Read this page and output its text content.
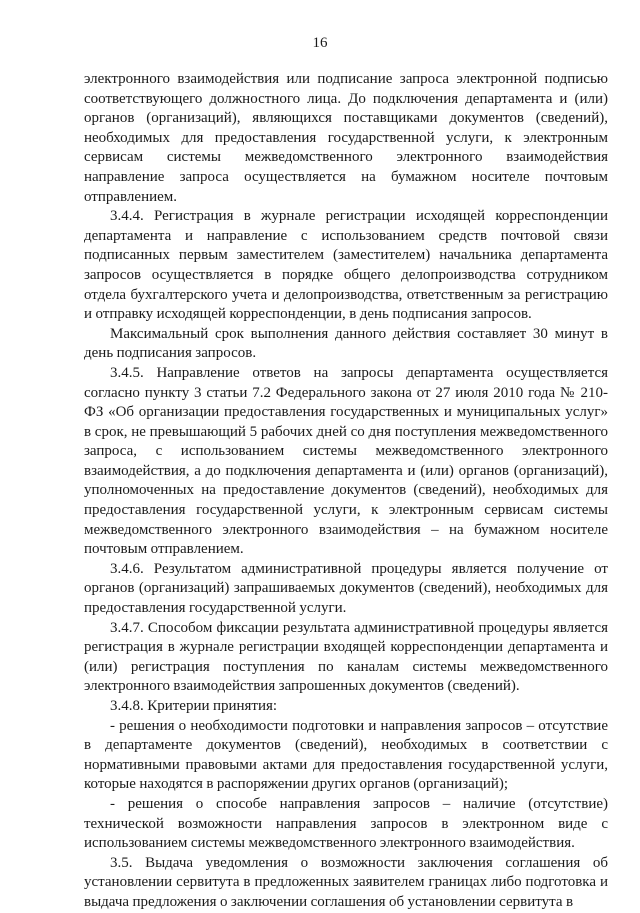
16

электронного взаимодействия или подписание запроса электронной подписью соответствующего должностного лица. До подключения департамента и (или) органов (организаций), являющихся поставщиками документов (сведений), необходимых для предоставления государственной услуги, к электронным сервисам системы межведомственного электронного взаимодействия направление запроса осуществляется на бумажном носителе почтовым отправлением.

3.4.4. Регистрация в журнале регистрации исходящей корреспонденции департамента и направление с использованием средств почтовой связи подписанных первым заместителем (заместителем) начальника департамента запросов осуществляется в порядке общего делопроизводства сотрудником отдела бухгалтерского учета и делопроизводства, ответственным за регистрацию и отправку исходящей корреспонденции, в день подписания запросов.

Максимальный срок выполнения данного действия составляет 30 минут в день подписания запросов.

3.4.5. Направление ответов на запросы департамента осуществляется согласно пункту 3 статьи 7.2 Федерального закона от 27 июля 2010 года № 210-ФЗ «Об организации предоставления государственных и муниципальных услуг» в срок, не превышающий 5 рабочих дней со дня поступления межведомственного запроса, с использованием системы межведомственного электронного взаимодействия, а до подключения департамента и (или) органов (организаций), уполномоченных на предоставление документов (сведений), необходимых для предоставления государственной услуги, к электронным сервисам системы межведомственного электронного взаимодействия – на бумажном носителе почтовым отправлением.

3.4.6. Результатом административной процедуры является получение от органов (организаций) запрашиваемых документов (сведений), необходимых для предоставления государственной услуги.

3.4.7. Способом фиксации результата административной процедуры является регистрация в журнале регистрации входящей корреспонденции департамента и (или) регистрация поступления по каналам системы межведомственного электронного взаимодействия запрошенных документов (сведений).

3.4.8. Критерии принятия:

- решения о необходимости подготовки и направления запросов – отсутствие в департаменте документов (сведений), необходимых в соответствии с нормативными правовыми актами для предоставления государственной услуги, которые находятся в распоряжении других органов (организаций);

- решения о способе направления запросов – наличие (отсутствие) технической возможности направления запросов в электронном виде с использованием системы межведомственного электронного взаимодействия.

3.5. Выдача уведомления о возможности заключения соглашения об установлении сервитута в предложенных заявителем границах либо подготовка и выдача предложения о заключении соглашения об установлении сервитута в
